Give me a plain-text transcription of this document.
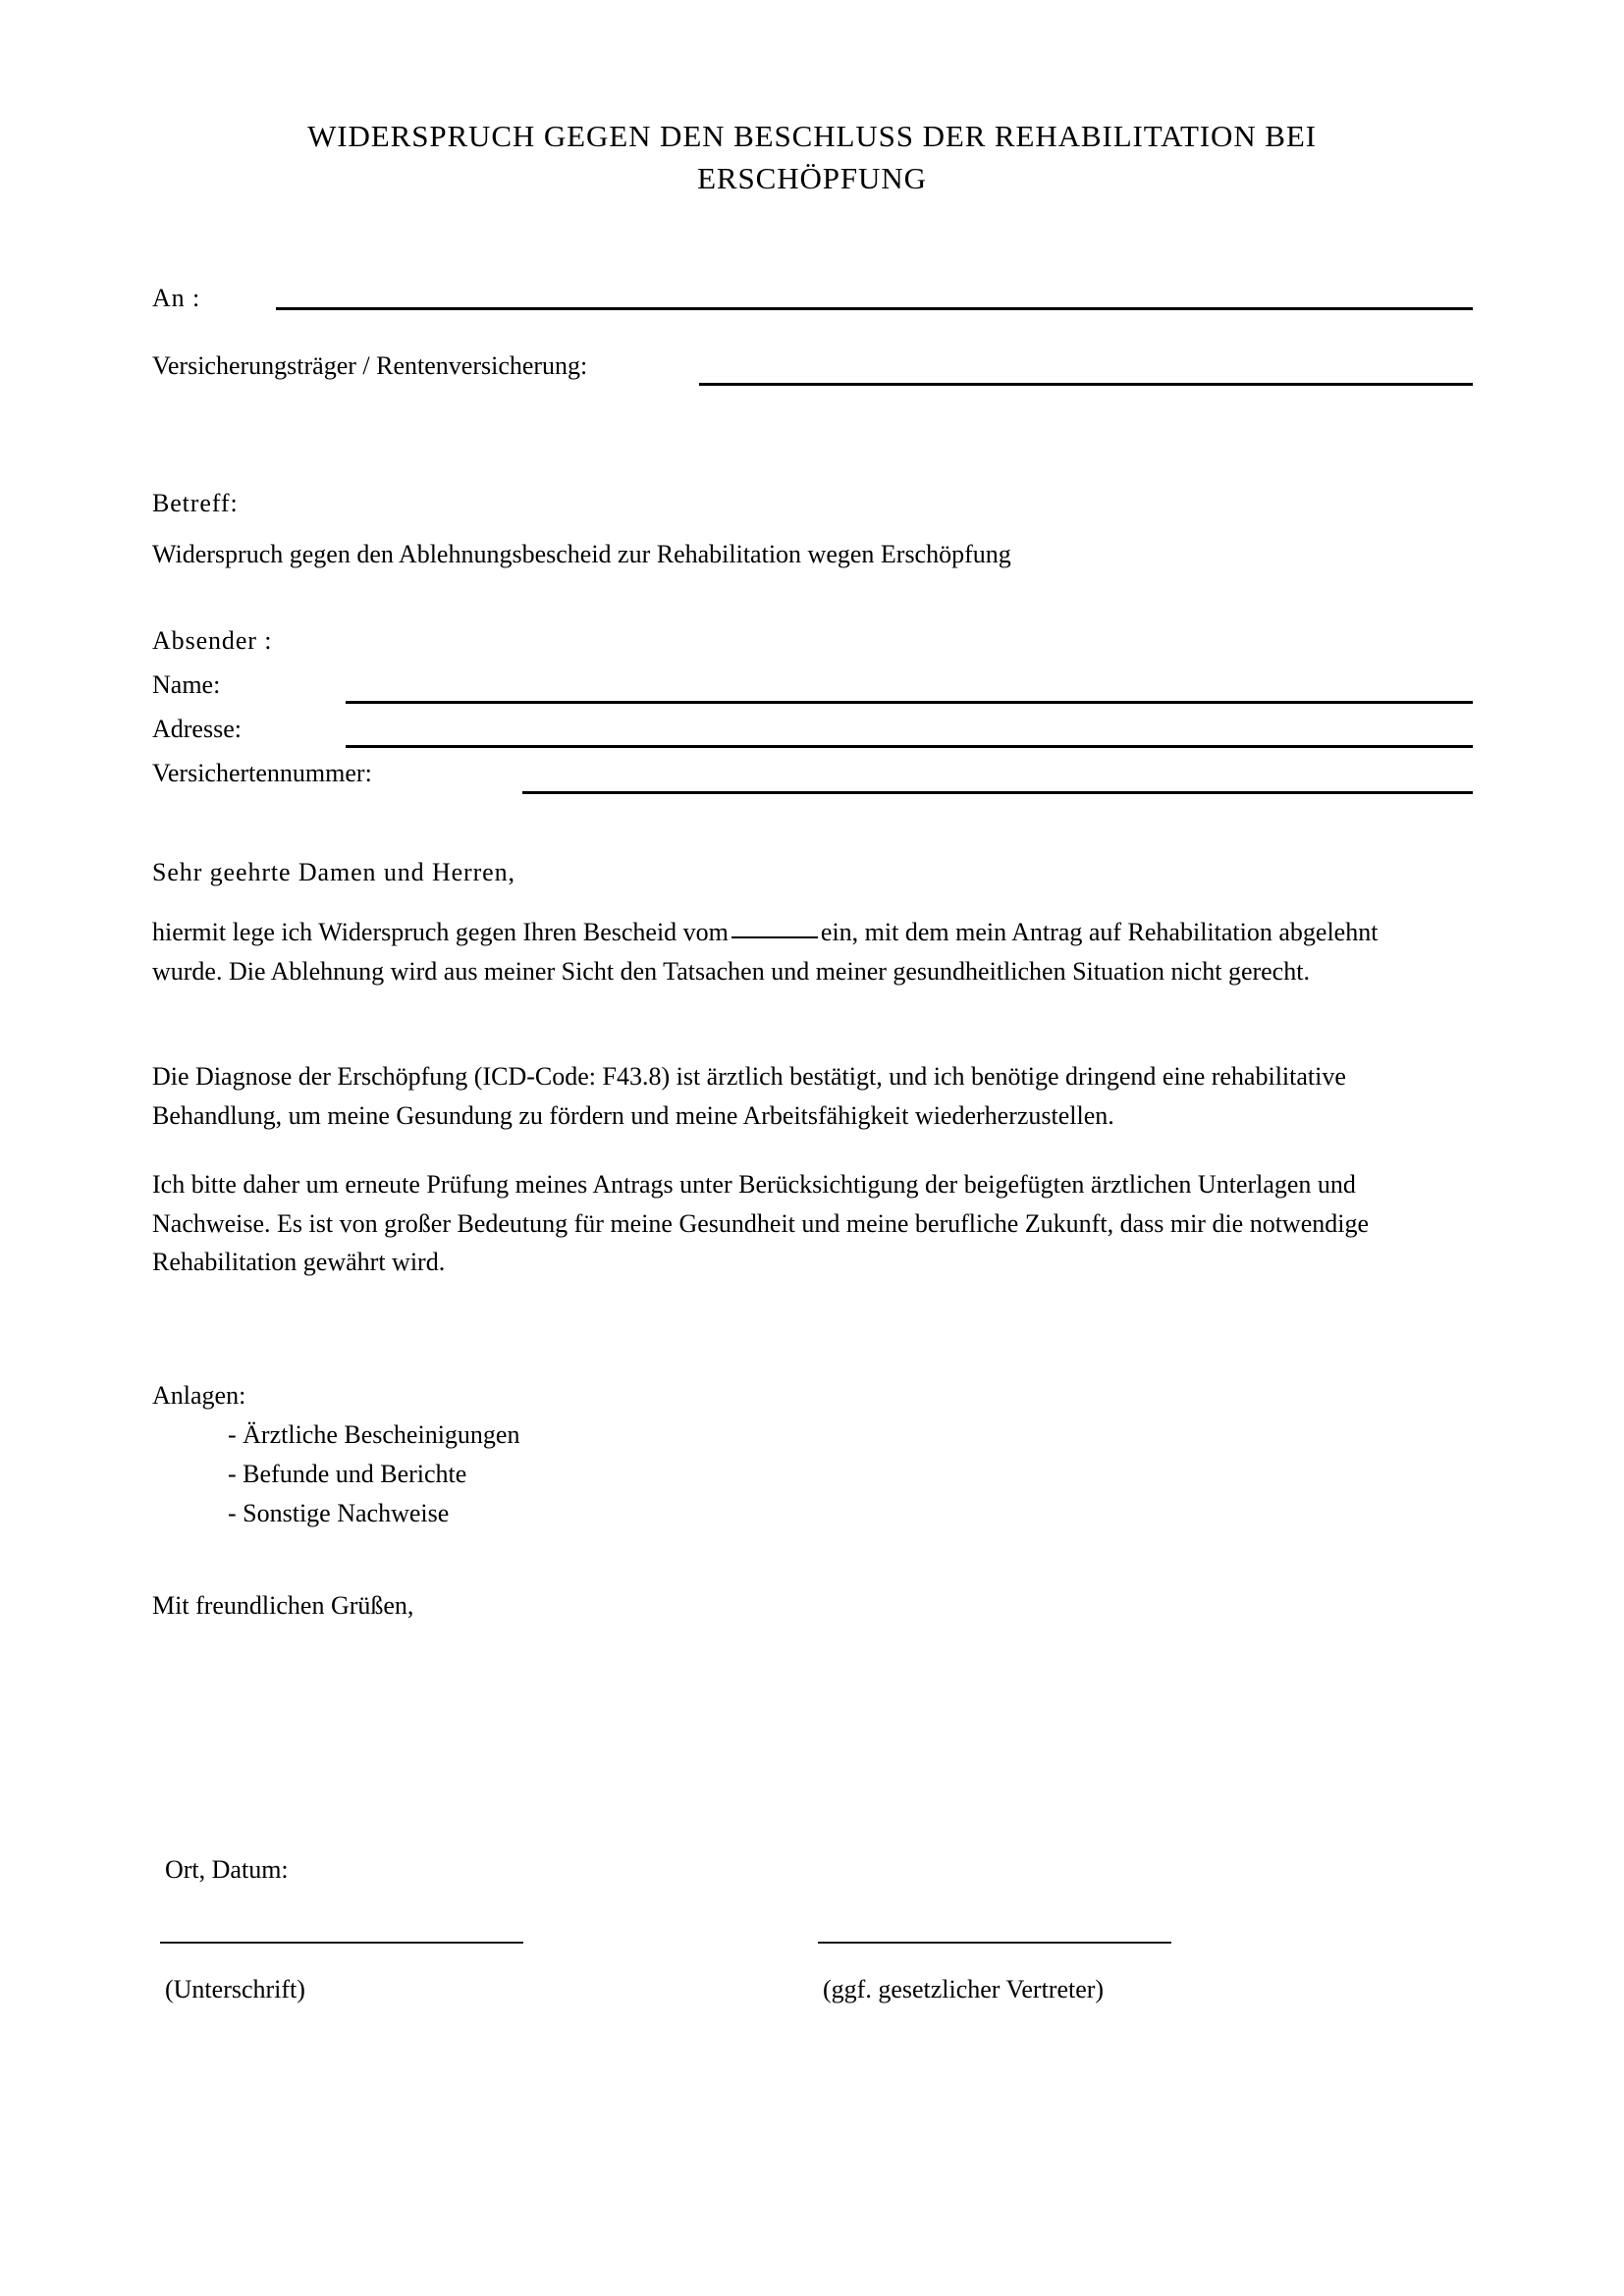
WIDERSPRUCH GEGEN DEN BESCHLUSS DER REHABILITATION BEI ERSCHÖPFUNG
An :
Versicherungsträger / Rentenversicherung:
Betreff:
Widerspruch gegen den Ablehnungsbescheid zur Rehabilitation wegen Erschöpfung
Absender :
Name:
Adresse:
Versichertennummer:
Sehr geehrte Damen und Herren,
hiermit lege ich Widerspruch gegen Ihren Bescheid vom	ein, mit dem mein Antrag auf Rehabilitation abgelehnt wurde. Die Ablehnung wird aus meiner Sicht den Tatsachen und meiner gesundheitlichen Situation nicht gerecht.
Die Diagnose der Erschöpfung (ICD-Code: F43.8) ist ärztlich bestätigt, und ich benötige dringend eine rehabilitative Behandlung, um meine Gesundung zu fördern und meine Arbeitsfähigkeit wiederherzustellen.
Ich bitte daher um erneute Prüfung meines Antrags unter Berücksichtigung der beigefügten ärztlichen Unterlagen und Nachweise. Es ist von großer Bedeutung für meine Gesundheit und meine berufliche Zukunft, dass mir die notwendige Rehabilitation gewährt wird.
Anlagen:
- Ärztliche Bescheinigungen
- Befunde und Berichte
- Sonstige Nachweise
Mit freundlichen Grüßen,
Ort, Datum:
(Unterschrift)	(ggf. gesetzlicher Vertreter)
